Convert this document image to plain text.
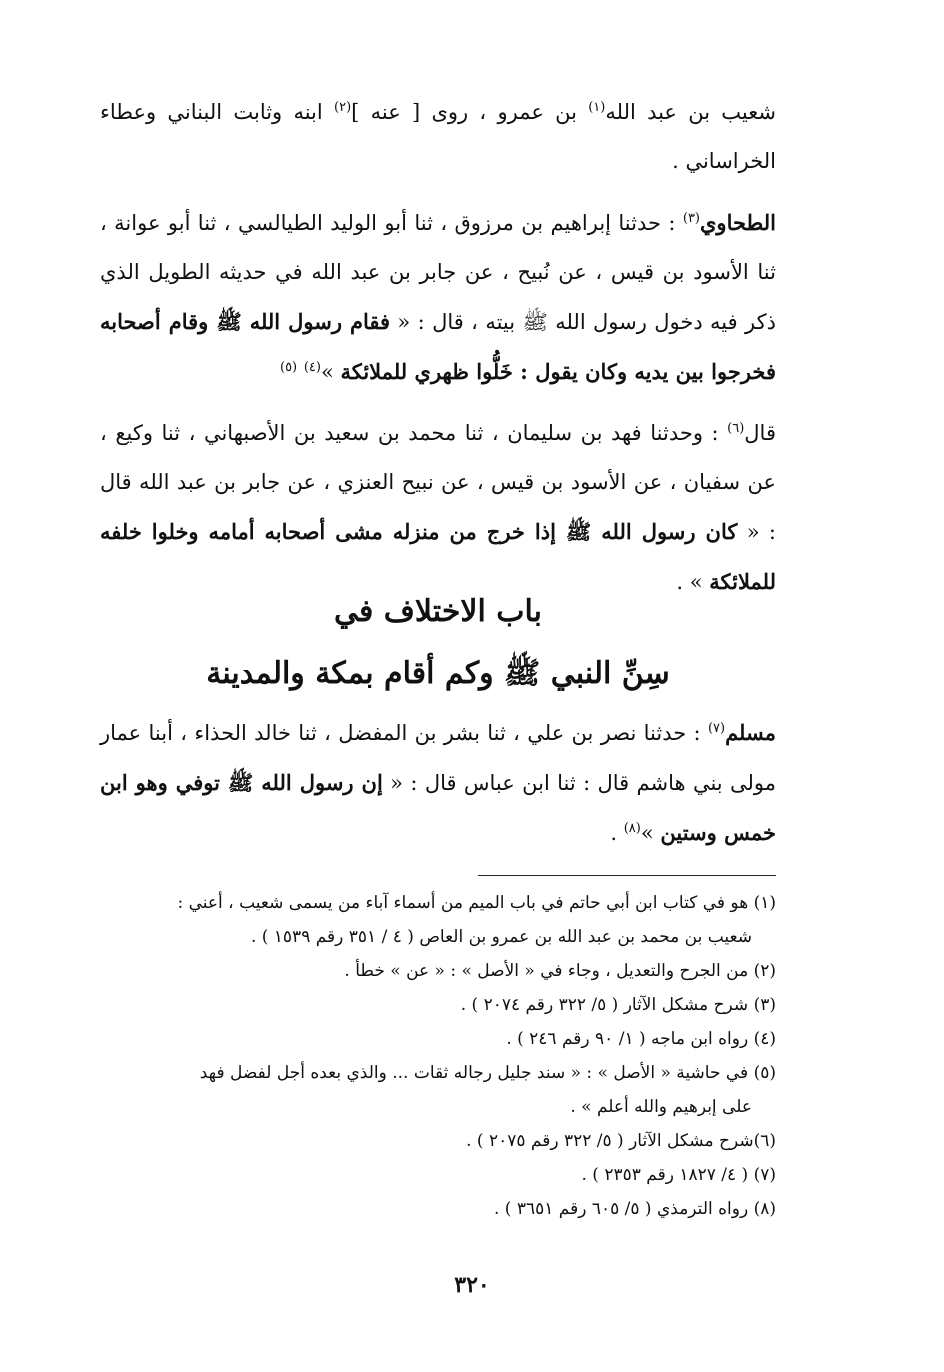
شعيب بن عبد الله$^{(١)}$ بن عمرو ، روى [ عنه ]$^{(٢)}$ ابنه وثابت البناني وعطاء الخراساني .

الطحاوي$^{(٣)}$ : حدثنا إبراهيم بن مرزوق ، ثنا أبو الوليد الطيالسي ، ثنا أبو عوانة ، ثنا الأسود بن قيس ، عن نُبيح ، عن جابر بن عبد الله في حديثه الطويل الذي ذكر فيه دخول رسول الله ﷺ بيته ، قال : « فقام رسول الله ﷺ وقام أصحابه فخرجوا بين يديه وكان يقول : خَلُّوا ظهري للملائكة »$^{(٤)}$ $^{(٥)}$

قال$^{(٦)}$ : وحدثنا فهد بن سليمان ، ثنا محمد بن سعيد بن الأصبهاني ، ثنا وكيع ، عن سفيان ، عن الأسود بن قيس ، عن نبيح العنزي ، عن جابر بن عبد الله قال : « كان رسول الله ﷺ إذا خرج من منزله مشى أصحابه أمامه وخلوا خلفه للملائكة » .

باب الاختلاف في
سِنِّ النبي ﷺ وكم أقام بمكة والمدينة

مسلم$^{(٧)}$ : حدثنا نصر بن علي ، ثنا بشر بن المفضل ، ثنا خالد الحذاء ، أبنا عمار مولى بني هاشم قال : ثنا ابن عباس قال : « إن رسول الله ﷺ توفي وهو ابن خمس وستين »$^{(٨)}$ .

(١) هو في كتاب ابن أبي حاتم في باب الميم من أسماء آباء من يسمى شعيب ، أعني :
شعيب بن محمد بن عبد الله بن عمرو بن العاص ( ٤ / ٣٥١ رقم ١٥٣٩ ) .

(٢) من الجرح والتعديل ، وجاء في « الأصل » : « عن » خطأ .

(٣) شرح مشكل الآثار ( ٥/ ٣٢٢ رقم ٢٠٧٤ ) .

(٤) رواه ابن ماجه ( ١/ ٩٠ رقم ٢٤٦ ) .

(٥) في حاشية « الأصل » : « سند جليل رجاله ثقات ... والذي بعده أجل لفضل فهد
على إبرهيم والله أعلم » .

(٦)شرح مشكل الآثار ( ٥/ ٣٢٢ رقم ٢٠٧٥ ) .

(٧) ( ٤/ ١٨٢٧ رقم ٢٣٥٣ ) .

(٨) رواه الترمذي ( ٥/ ٦٠٥ رقم ٣٦٥١ ) .

٣٢٠
